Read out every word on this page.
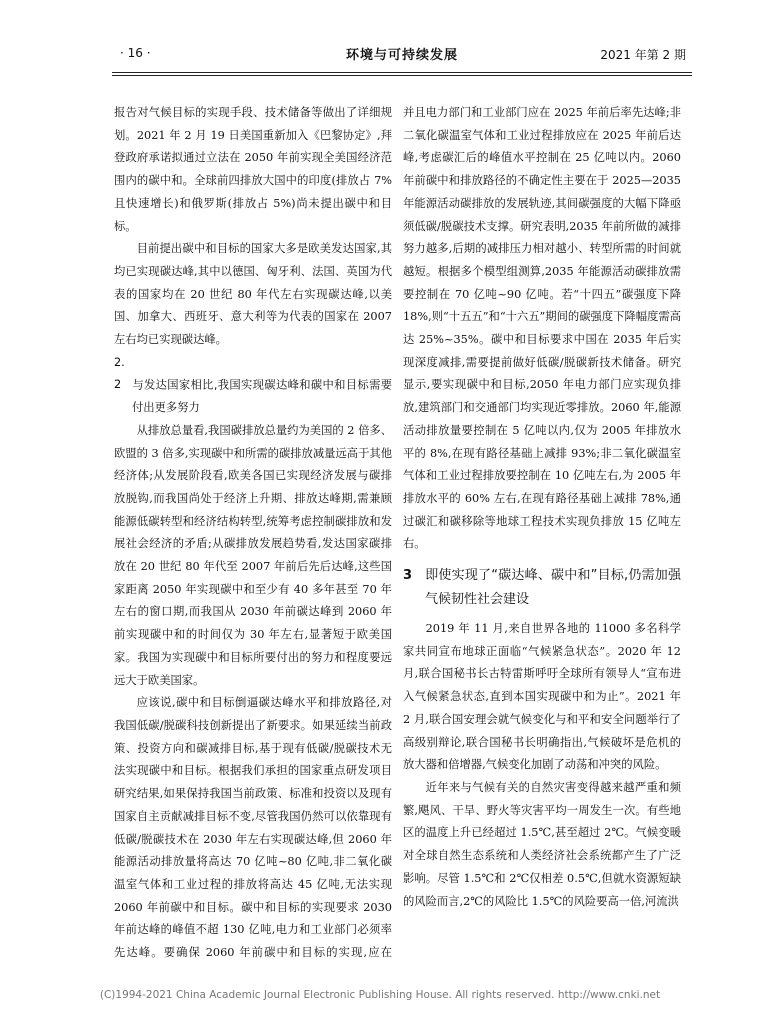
· 16 ·	环境与可持续发展	2021 年第 2 期

报告对气候目标的实现手段、技术储备等做出了详细规划。2021 年 2 月 19 日美国重新加入《巴黎协定》,拜登政府承诺拟通过立法在 2050 年前实现全美国经济范围内的碳中和。全球前四排放大国中的印度(排放占 7% 且快速增长)和俄罗斯(排放占 5%)尚未提出碳中和目标。

目前提出碳中和目标的国家大多是欧美发达国家,其均已实现碳达峰,其中以德国、匈牙利、法国、英国为代表的国家均在 20 世纪 80 年代左右实现碳达峰,以美国、加拿大、西班牙、意大利等为代表的国家在 2007 左右均已实现碳达峰。

2. 2 与发达国家相比,我国实现碳达峰和碳中和目标需要付出更多努力

从排放总量看,我国碳排放总量约为美国的 2 倍多、欧盟的 3 倍多,实现碳中和所需的碳排放减量远高于其他经济体;从发展阶段看,欧美各国已实现经济发展与碳排放脱钩,而我国尚处于经济上升期、排放达峰期,需兼顾能源低碳转型和经济结构转型,统筹考虑控制碳排放和发展社会经济的矛盾;从碳排放发展趋势看,发达国家碳排放在 20 世纪 80 年代至 2007 年前后先后达峰,这些国家距离 2050 年实现碳中和至少有 40 多年甚至 70 年左右的窗口期,而我国从 2030 年前碳达峰到 2060 年前实现碳中和的时间仅为 30 年左右,显著短于欧美国家。我国为实现碳中和目标所要付出的努力和程度要远远大于欧美国家。

应该说,碳中和目标倒逼碳达峰水平和排放路径,对我国低碳/脱碳科技创新提出了新要求。如果延续当前政策、投资方向和碳减排目标,基于现有低碳/脱碳技术无法实现碳中和目标。根据我们承担的国家重点研发项目研究结果,如果保持我国当前政策、标准和投资以及现有国家自主贡献减排目标不变,尽管我国仍然可以依靠现有低碳/脱碳技术在 2030 年左右实现碳达峰,但 2060 年能源活动排放量将高达 70 亿吨~80 亿吨,非二氧化碳温室气体和工业过程的排放将高达 45 亿吨,无法实现 2060 年前碳中和目标。碳中和目标的实现要求 2030 年前达峰的峰值不超 130 亿吨,电力和工业部门必须率先达峰。要确保 2060 年前碳中和目标的实现,应在

并且电力部门和工业部门应在 2025 年前后率先达峰;非二氧化碳温室气体和工业过程排放应在 2025 年前后达峰,考虑碳汇后的峰值水平控制在 25 亿吨以内。2060 年前碳中和排放路径的不确定性主要在于 2025—2035 年能源活动碳排放的发展轨迹,其间碳强度的大幅下降亟须低碳/脱碳技术支撑。研究表明,2035 年前所做的减排努力越多,后期的减排压力相对越小、转型所需的时间就越短。根据多个模型组测算,2035 年能源活动碳排放需要控制在 70 亿吨~90 亿吨。若“十四五”碳强度下降 18%,则“十五五”和“十六五”期间的碳强度下降幅度需高达 25%~35%。碳中和目标要求中国在 2035 年后实现深度减排,需要提前做好低碳/脱碳新技术储备。研究显示,要实现碳中和目标,2050 年电力部门应实现负排放,建筑部门和交通部门均实现近零排放。2060 年,能源活动排放量要控制在 5 亿吨以内,仅为 2005 年排放水平的 8%,在现有路径基础上减排 93%;非二氧化碳温室气体和工业过程排放要控制在 10 亿吨左右,为 2005 年排放水平的 60% 左右,在现有路径基础上减排 78%,通过碳汇和碳移除等地球工程技术实现负排放 15 亿吨左右。

3 即使实现了“碳达峰、碳中和”目标,仍需加强气候韧性社会建设

2019 年 11 月,来自世界各地的 11000 多名科学家共同宣布地球正面临“气候紧急状态”。2020 年 12 月,联合国秘书长古特雷斯呼吁全球所有领导人“宣布进入气候紧急状态,直到本国实现碳中和为止”。2021 年 2 月,联合国安理会就气候变化与和平和安全问题举行了高级别辩论,联合国秘书长明确指出,气候破坏是危机的放大器和倍增器,气候变化加剧了动荡和冲突的风险。

近年来与气候有关的自然灾害变得越来越严重和频繁,飓风、干旱、野火等灾害平均一周发生一次。有些地区的温度上升已经超过 1.5℃,甚至超过 2℃。气候变暖对全球自然生态系统和人类经济社会系统都产生了广泛影响。尽管 1.5℃和 2℃仅相差 0.5℃,但就水资源短缺的风险而言,2℃的风险比 1.5℃的风险要高一倍,河流洪

(C)1994-2021 China Academic Journal Electronic Publishing House. All rights reserved. http://www.cnki.net
